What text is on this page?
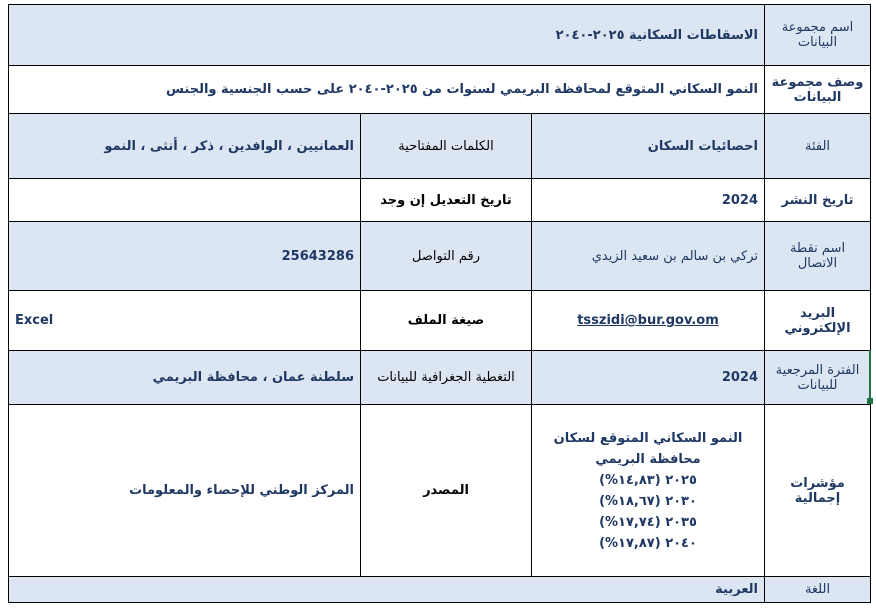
الاسقاطات السكانية ٢٠٢٥-٢٠٤٠			اسم مجموعة البيانات
النمو السكاني المتوقع لمحافظة البريمي لسنوات من ٢٠٢٥-٢٠٤٠ على حسب الجنسية والجنس			وصف مجموعة البيانات
العمانيين ، الوافدين ، ذكر ، أنثى ، النمو	الكلمات المفتاحية	احصائيات السكان	الفئة
	تاريخ التعديل إن وجد	2024	تاريخ النشر
25643286	رقم التواصل	تركي بن سالم بن سعيد الزيدي	اسم نقطة الاتصال
Excel	صيغة الملف	tsszidi@bur.gov.om	البريد الإلكتروني
سلطنة عمان ، محافظة البريمي	التغطية الجغرافية للبيانات	2024	الفترة المرجعية للبيانات
المركز الوطني للإحصاء والمعلومات	المصدر	النمو السكاني المتوقع لسكان محافظة البريمي
٢٠٢٥ (١٤,٨٣%)
٢٠٣٠ (١٨,٦٧%)
٢٠٣٥ (١٧,٧٤%)
٢٠٤٠ (١٧,٨٧%)	مؤشرات إجمالية
العربية			اللغة
